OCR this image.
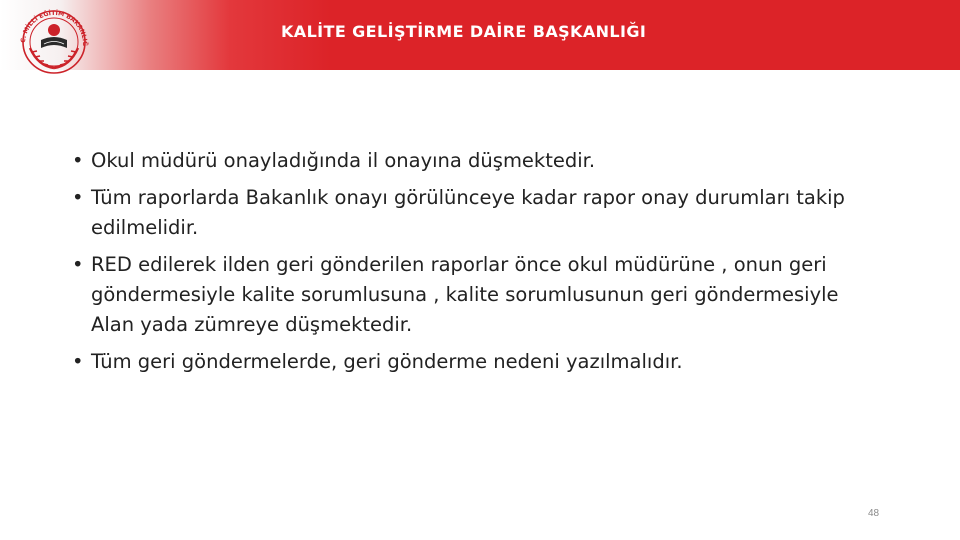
KALİTE GELİŞTİRME DAİRE BAŞKANLIĞI
C. MİLLİ EĞİTİM BAKANLIĞ
• Okul müdürü onayladığında il onayına düşmektedir.
• Tüm raporlarda Bakanlık onayı görülünceye kadar rapor onay durumları takip edilmelidir.
• RED edilerek ilden geri gönderilen raporlar önce okul müdürüne , onun geri göndermesiyle kalite sorumlusuna , kalite sorumlusunun geri göndermesiyle Alan yada zümreye düşmektedir.
• Tüm geri göndermelerde, geri gönderme nedeni yazılmalıdır.
48
